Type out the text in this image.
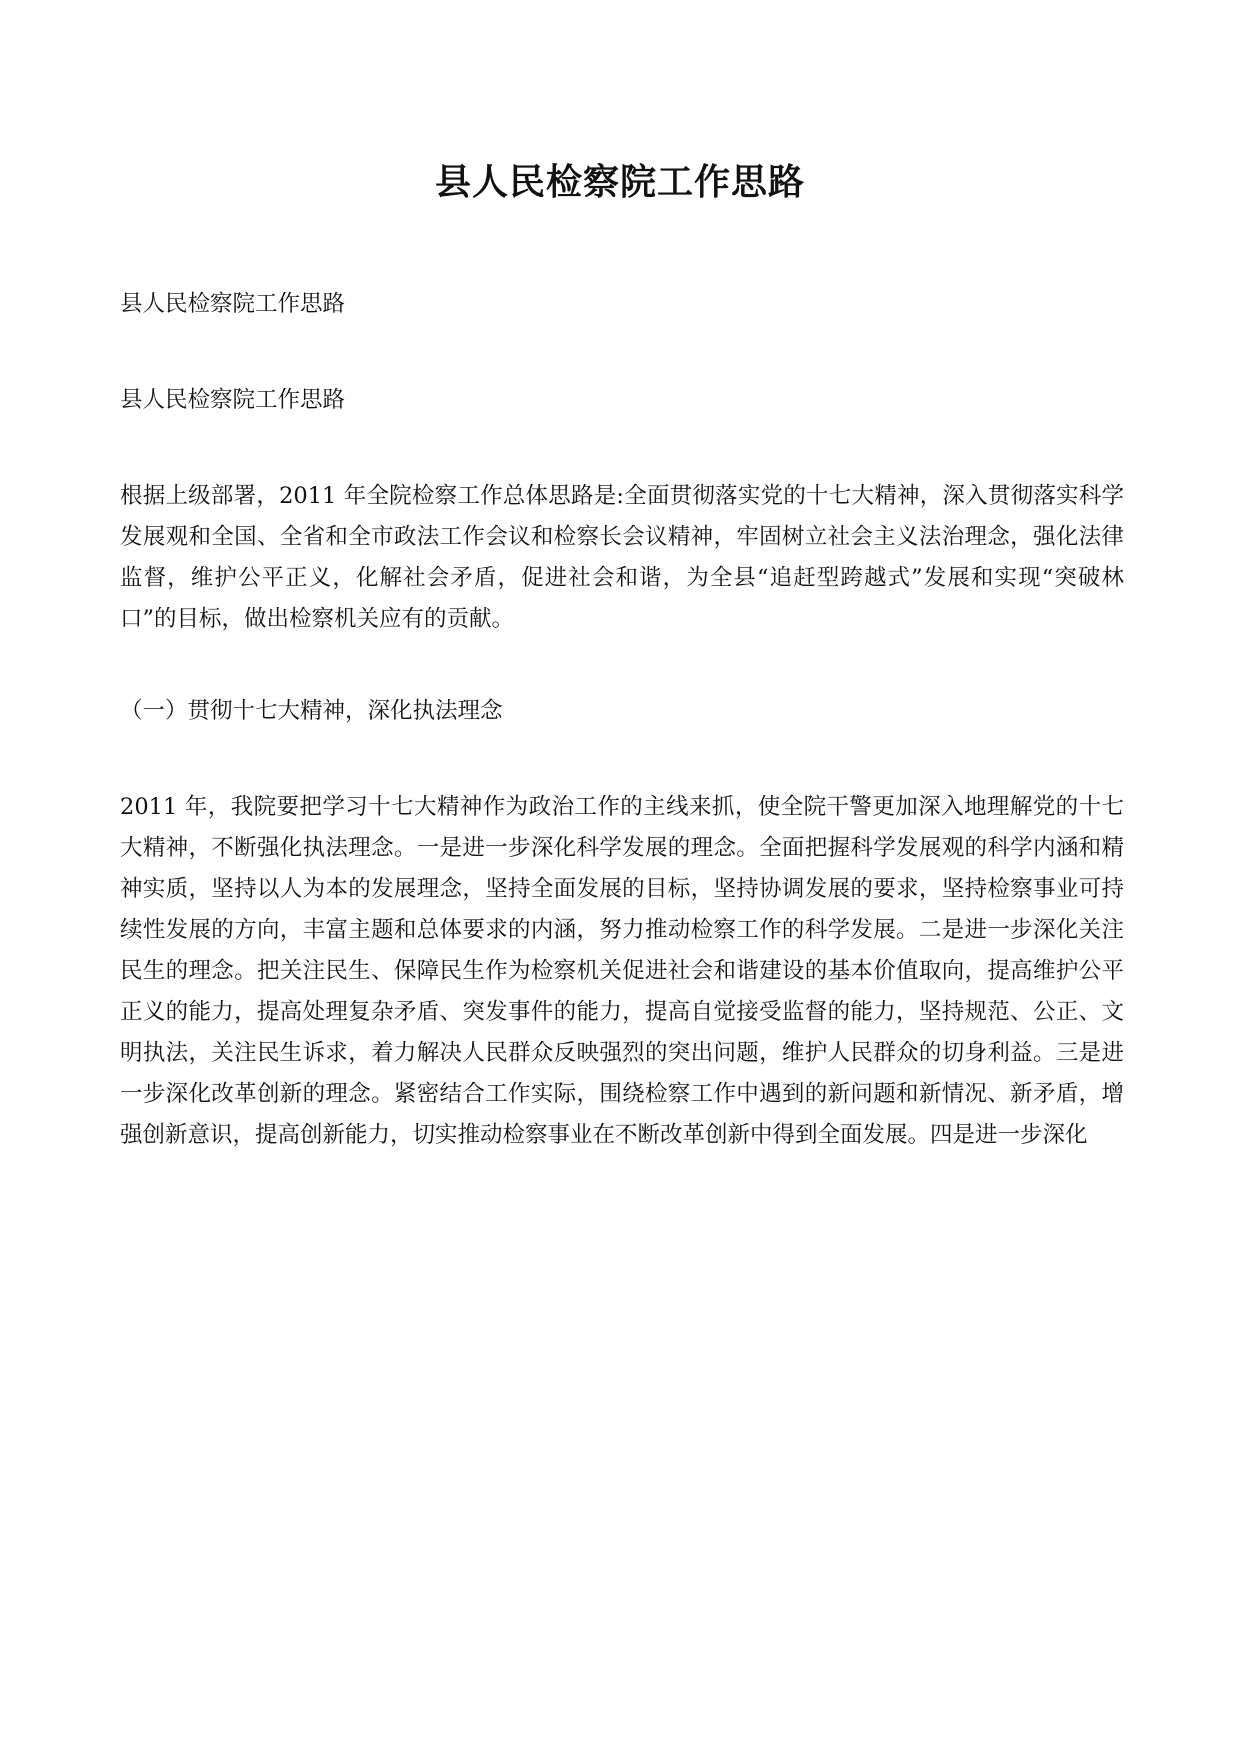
县人民检察院工作思路

县人民检察院工作思路

县人民检察院工作思路

根据上级部署，2011 年全院检察工作总体思路是:全面贯彻落实党的十七大精神，深入贯彻落实科学发展观和全国、全省和全市政法工作会议和检察长会议精神，牢固树立社会主义法治理念，强化法律监督，维护公平正义，化解社会矛盾，促进社会和谐，为全县“追赶型跨越式”发展和实现“突破林口”的目标，做出检察机关应有的贡献。

（一）贯彻十七大精神，深化执法理念

2011 年，我院要把学习十七大精神作为政治工作的主线来抓，使全院干警更加深入地理解党的十七大精神，不断强化执法理念。一是进一步深化科学发展的理念。全面把握科学发展观的科学内涵和精神实质，坚持以人为本的发展理念，坚持全面发展的目标，坚持协调发展的要求，坚持检察事业可持续性发展的方向，丰富主题和总体要求的内涵，努力推动检察工作的科学发展。二是进一步深化关注民生的理念。把关注民生、保障民生作为检察机关促进社会和谐建设的基本价值取向，提高维护公平正义的能力，提高处理复杂矛盾、突发事件的能力，提高自觉接受监督的能力，坚持规范、公正、文明执法，关注民生诉求，着力解决人民群众反映强烈的突出问题，维护人民群众的切身利益。三是进一步深化改革创新的理念。紧密结合工作实际，围绕检察工作中遇到的新问题和新情况、新矛盾，增强创新意识，提高创新能力，切实推动检察事业在不断改革创新中得到全面发展。四是进一步深化
